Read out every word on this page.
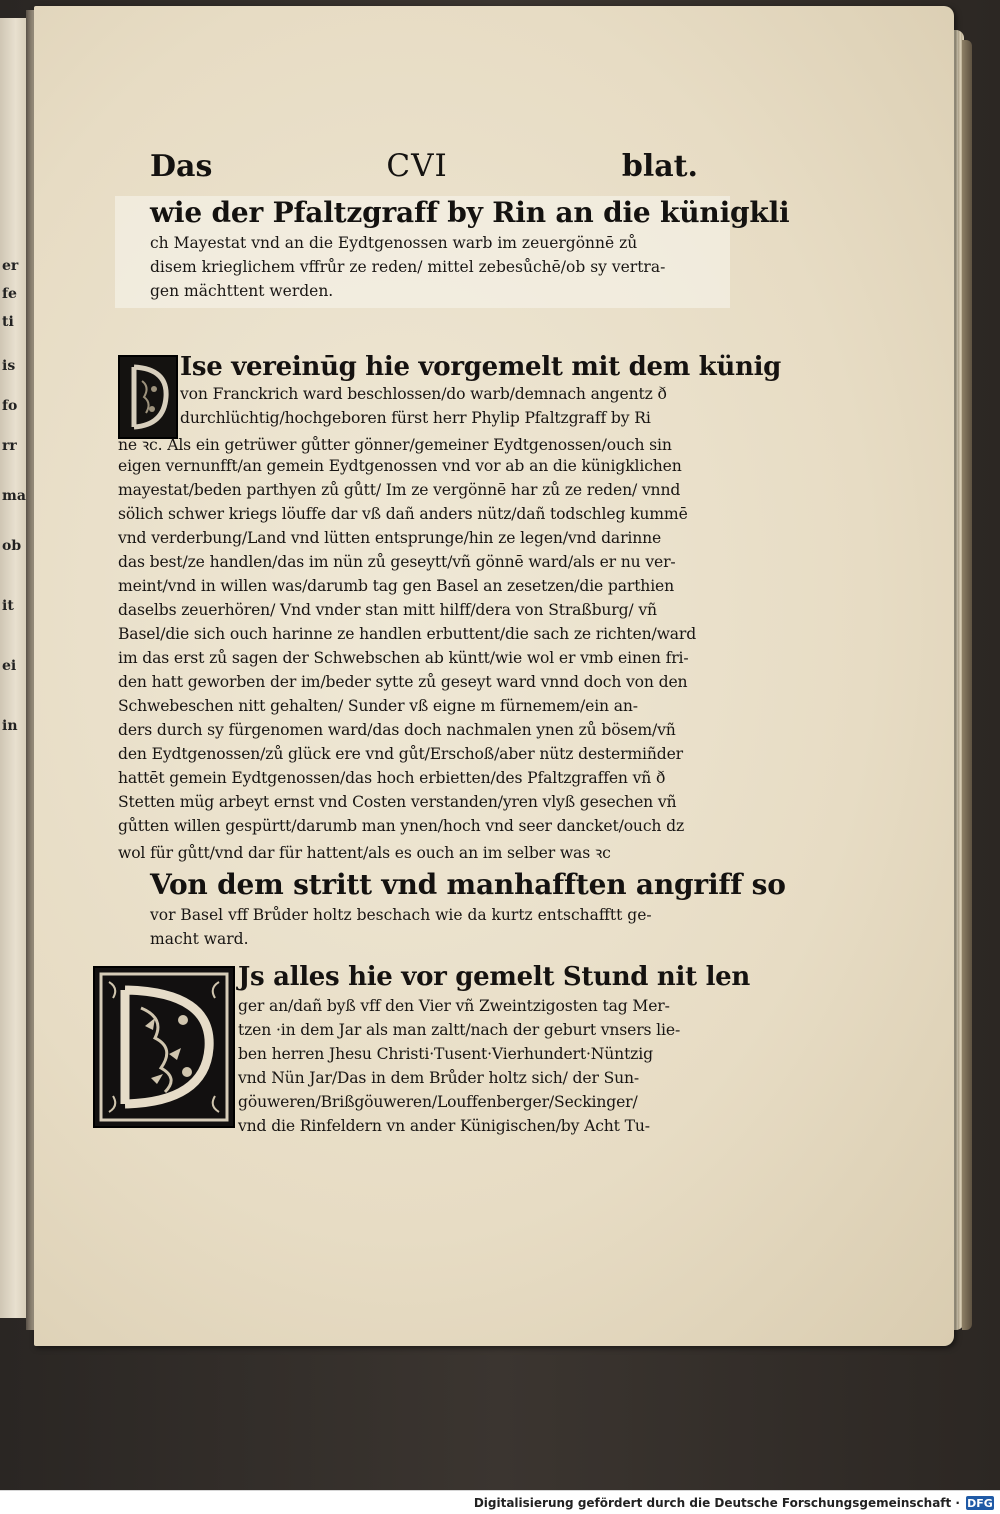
er
fe
ti
is
fo
rr
ma
ob
it
ei
in
Das	CVI	blat.
wie der Pfaltzgraff by Rin an die künigkli
ch Mayestat vnd an die Eydtgenossen warb im zeuergönnē zů
disem krieglichem vffrůr ze reden/ mittel zebesůchē/ob sy vertra-
gen mächttent werden.
Ise vereinūg hie vorgemelt mit dem künig
von Franckrich ward beschlossen/do warb/demnach angentz ð
durchlüchtig/hochgeboren fürst herr Phylip Pfaltzgraff by Ri
ne ꝛc. Als ein getrüwer gůtter gönner/gemeiner Eydtgenossen/ouch sin
eigen vernunfft/an gemein Eydtgenossen vnd vor ab an die künigklichen
mayestat/beden parthyen zů gůtt/ Im ze vergönnē har zů ze reden/ vnnd
sölich schwer kriegs löuffe dar vß dañ anders nütz/dañ todschleg kummē
vnd verderbung/Land vnd lütten entsprunge/hin ze legen/vnd darinne
das best/ze handlen/das im nün zů geseytt/vñ gönnē ward/als er nu ver-
meint/vnd in willen was/darumb tag gen Basel an zesetzen/die parthien
daselbs zeuerhören/ Vnd vnder stan mitt hilff/dera von Straßburg/ vñ
Basel/die sich ouch harinne ze handlen erbuttent/die sach ze richten/ward
im das erst zů sagen der Schwebschen ab küntt/wie wol er vmb einen fri-
den hatt geworben der im/beder sytte zů geseyt ward vnnd doch von den
Schwebeschen nitt gehalten/ Sunder vß eigne m fürnemem/ein an-
ders durch sy fürgenomen ward/das doch nachmalen ynen zů bösem/vñ
den Eydtgenossen/zů glück ere vnd gůt/Erschoß/aber nütz destermiñder
hattēt gemein Eydtgenossen/das hoch erbietten/des Pfaltzgraffen vñ ð
Stetten müg arbeyt ernst vnd Costen verstanden/yren vlyß gesechen vñ
gůtten willen gespürtt/darumb man ynen/hoch vnd seer dancket/ouch dz
wol für gůtt/vnd dar für hattent/als es ouch an im selber was ꝛc
Von dem stritt vnd manhafften angriff so
vor Basel vff Brůder holtz beschach wie da kurtz entschafftt ge-
macht ward.
Js alles hie vor gemelt Stund nit len
ger an/dañ byß vff den Vier vñ Zweintzigosten tag Mer-
tzen ·in dem Jar als man zaltt/nach der geburt vnsers lie-
ben herren Jhesu Christi·Tusent·Vierhundert·Nüntzig
vnd Nün Jar/Das in dem Brůder holtz sich/ der Sun-
göuweren/Brißgöuweren/Louffenberger/Seckinger/
vnd die Rinfeldern vn ander Künigischen/by Acht Tu-
Digitalisierung gefördert durch die Deutsche Forschungsgemeinschaft · DFG
